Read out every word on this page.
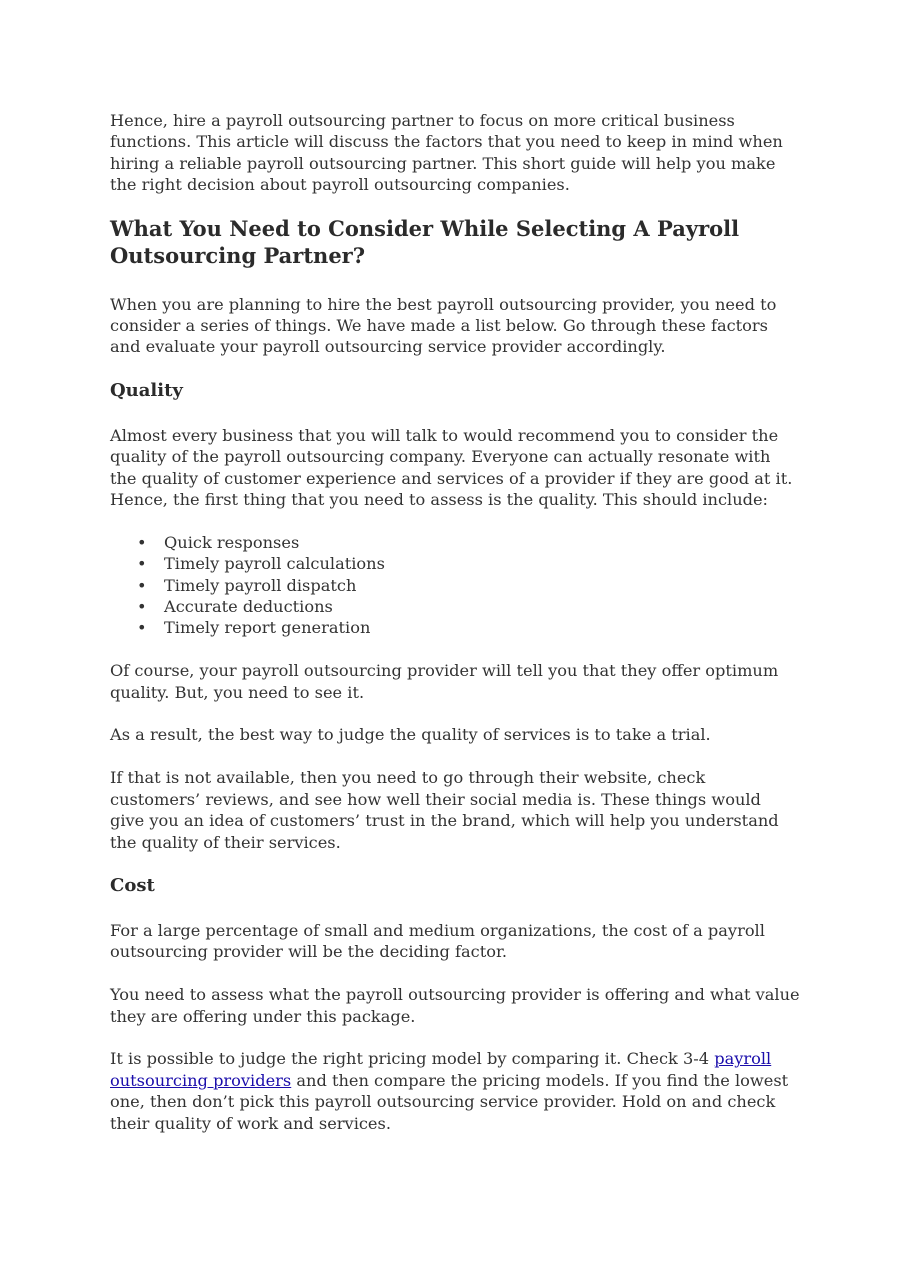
Hence, hire a payroll outsourcing partner to focus on more critical business functions. This article will discuss the factors that you need to keep in mind when hiring a reliable payroll outsourcing partner. This short guide will help you make the right decision about payroll outsourcing companies.

What You Need to Consider While Selecting A Payroll Outsourcing Partner?

When you are planning to hire the best payroll outsourcing provider, you need to consider a series of things. We have made a list below. Go through these factors and evaluate your payroll outsourcing service provider accordingly.

Quality

Almost every business that you will talk to would recommend you to consider the quality of the payroll outsourcing company. Everyone can actually resonate with the quality of customer experience and services of a provider if they are good at it. Hence, the first thing that you need to assess is the quality. This should include:

• Quick responses
• Timely payroll calculations
• Timely payroll dispatch
• Accurate deductions
• Timely report generation

Of course, your payroll outsourcing provider will tell you that they offer optimum quality. But, you need to see it.

As a result, the best way to judge the quality of services is to take a trial.

If that is not available, then you need to go through their website, check customers’ reviews, and see how well their social media is. These things would give you an idea of customers’ trust in the brand, which will help you understand the quality of their services.

Cost

For a large percentage of small and medium organizations, the cost of a payroll outsourcing provider will be the deciding factor.

You need to assess what the payroll outsourcing provider is offering and what value they are offering under this package.

It is possible to judge the right pricing model by comparing it. Check 3-4 payroll outsourcing providers and then compare the pricing models. If you find the lowest one, then don’t pick this payroll outsourcing service provider. Hold on and check their quality of work and services.
